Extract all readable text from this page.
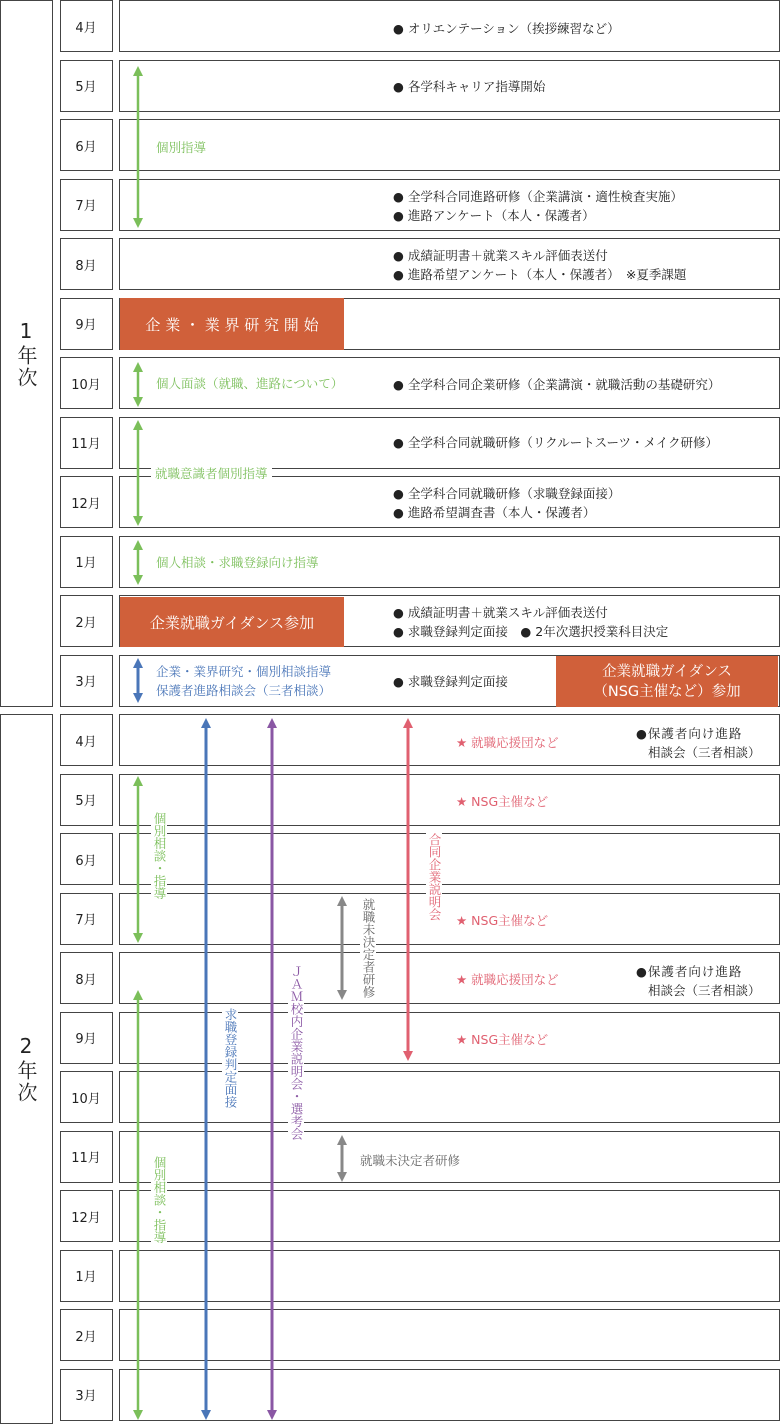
1年次
2年次
4月
5月
6月
7月
8月
9月
10月
11月
12月
1月
2月
3月
4月
5月
6月
7月
8月
9月
10月
11月
12月
1月
2月
3月
● オリエンテーション（挨拶練習など）
● 各学科キャリア指導開始
個別指導
● 全学科合同進路研修（企業講演・適性検査実施）
● 進路アンケート（本人・保護者）
● 成績証明書＋就業スキル評価表送付
● 進路希望アンケート（本人・保護者）　※夏季課題
企 業 ・ 業 界 研 究 開 始
個人面談（就職、進路について）	● 全学科合同企業研修（企業講演・就職活動の基礎研究）
● 全学科合同就職研修（リクルートスーツ・メイク研修）
就職意識者個別指導
● 全学科合同就職研修（求職登録面接）
● 進路希望調査書（本人・保護者）
個人相談・求職登録向け指導
企業就職ガイダンス参加
● 成績証明書＋就業スキル評価表送付
● 求職登録判定面接　● 2年次選択授業科目決定
企業・業界研究・個別相談指導
保護者進路相談会（三者相談）
● 求職登録判定面接
企業就職ガイダンス（NSG主催など）参加
●保護者向け進路
相談会（三者相談）
●保護者向け進路
相談会（三者相談）
★ 就職応援団など
★ NSG主催など
★ NSG主催など
★ 就職応援団など
★ NSG主催など
就職未決定者研修
個別相談・指導
個別相談・指導
求職登録判定面接	ＪＡＭ校内企業説明会・選考会
合同企業説明会
就職未決定者研修
